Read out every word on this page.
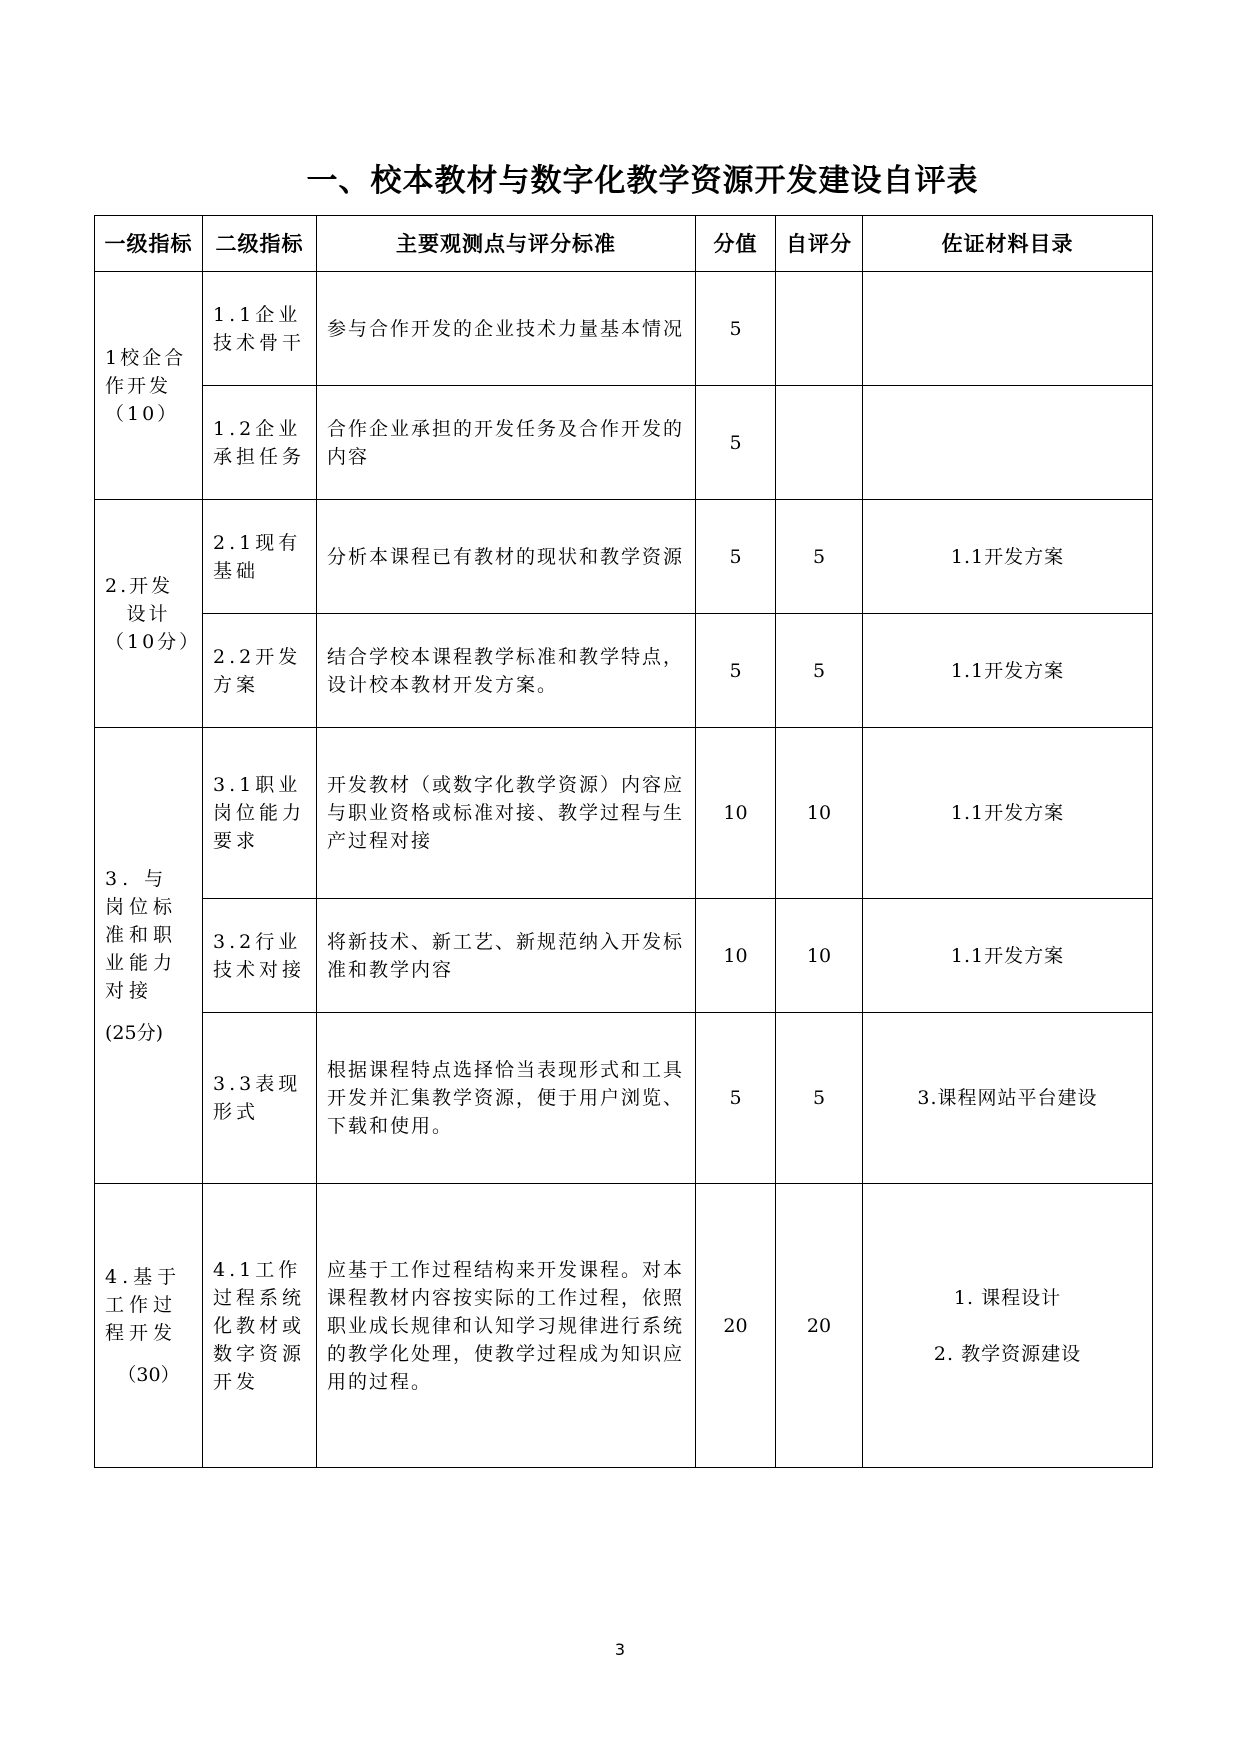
一、校本教材与数字化教学资源开发建设自评表
一级指标	二级指标	主要观测点与评分标准	分值	自评分	佐证材料目录
1校企合作开发（10）	1.1企业技术骨干	参与合作开发的企业技术力量基本情况	5		
	1.2企业承担任务	合作企业承担的开发任务及合作开发的内容	5		

2.开发
设计
（10分）	2.1现有基础	分析本课程已有教材的现状和教学资源	5	5	1.1开发方案

	2.2开发方案	结合学校本课程教学标准和教学特点，设计校本教材开发方案。	5	5	1.1开发方案

3. 与岗位标准和职业能力对接
(25分)	3.1职业岗位能力要求	开发教材（或数字化教学资源）内容应与职业资格或标准对接、教学过程与生产过程对接	10	10	1.1开发方案

	3.2行业技术对接	将新技术、新工艺、新规范纳入开发标准和教学内容	10	10	1.1开发方案

	3.3表现形式	根据课程特点选择恰当表现形式和工具开发并汇集教学资源，便于用户浏览、下载和使用。	5	5	3.课程网站平台建设

4.基于工作过程开发
（30）	4.1工作过程系统化教材或数字资源开发	应基于工作过程结构来开发课程。对本课程教材内容按实际的工作过程，依照职业成长规律和认知学习规律进行系统的教学化处理，使教学过程成为知识应用的过程。	20	20	1. 课程设计
2. 教学资源建设
3
